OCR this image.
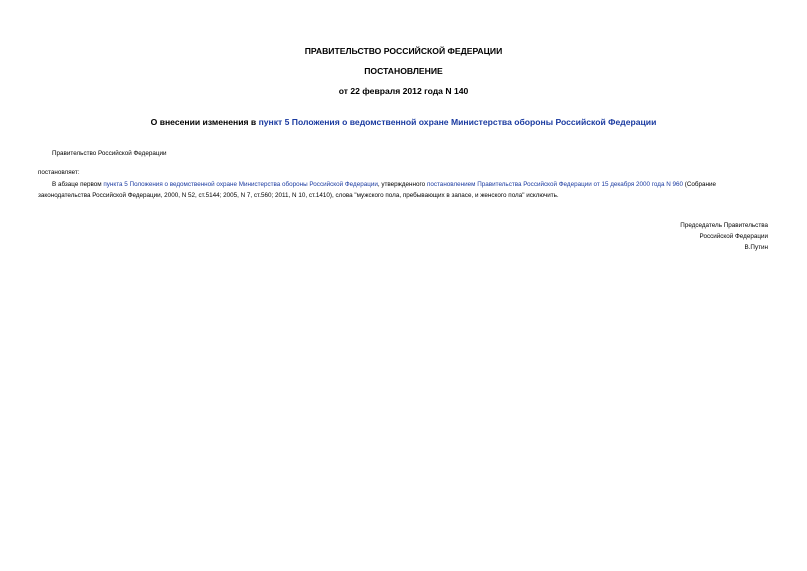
ПРАВИТЕЛЬСТВО РОССИЙСКОЙ ФЕДЕРАЦИИ
ПОСТАНОВЛЕНИЕ
от 22 февраля 2012 года N 140
О внесении изменения в пункт 5 Положения о ведомственной охране Министерства обороны Российской Федерации
Правительство Российской Федерации
постановляет:
В абзаце первом пункта 5 Положения о ведомственной охране Министерства обороны Российской Федерации, утвержденного постановлением Правительства Российской Федерации от 15 декабря 2000 года N 960 (Собрание законодательства Российской Федерации, 2000, N 52, ст.5144; 2005, N 7, ст.560; 2011, N 10, ст.1410), слова "мужского пола, пребывающих в запасе, и женского пола" исключить.
Председатель Правительства
Российской Федерации
В.Путин
